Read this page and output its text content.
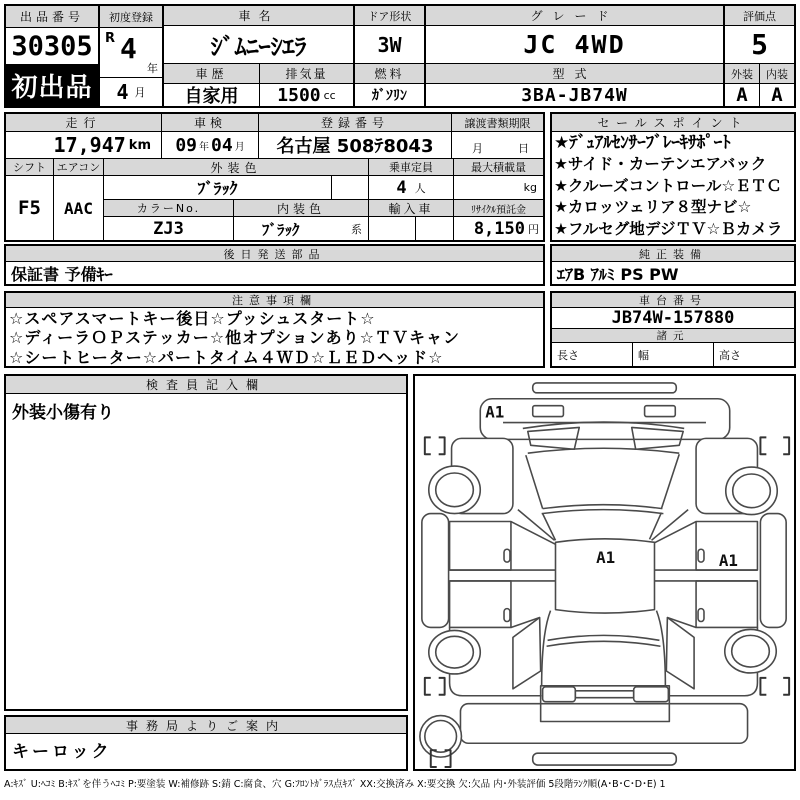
出品番号
30305
初出品
初度登録
R 4
年
4 月
車名
ｼﾞﾑﾆｰｼｴﾗ
車歴	排気量
自家用	1500 cc
ドア形状
3W
燃料
ｶﾞｿﾘﾝ
グレード
JC 4WD
型式
3BA-JB74W
評価点
5
外装	内装
A	A
走行	車検	登録番号	譲渡書類期限
17,947 km 09 年 04 月	名古屋 508ﾃ8043	月	日
シフト エアコン	外装色	乗車定員	最大積載量
F5	AAC
ﾌﾞﾗｯｸ	4 人	kg
カラーNo.	内装色	輸入車	ﾘｻｲｸﾙ預託金
ZJ3	ﾌﾞﾗｯｸ	系	8,150 円
セールスポイント
★ﾃﾞｭｱﾙｾﾝｻｰﾌﾞﾚｰｷｻﾎﾟｰﾄ
★サイド・カーテンエアバック
★クルーズコントロール☆ＥＴＣ
★カロッツェリア８型ナビ☆
★フルセグ地デジＴＶ☆Ｂカメラ
後日発送部品
保証書 予備ｷｰ
純正装備
ｴｱB ｱﾙﾐ PS PW
注意事項欄
☆スペアスマートキー後日☆プッシュスタート☆
☆ディーラＯＰステッカー☆他オプションあり☆ＴＶキャン
☆シートヒーター☆パートタイム４ＷＤ☆ＬＥＤヘッド☆
車台番号
JB74W-157880
諸元
長さ	幅	高さ
検査員記入欄
外装小傷有り	A1
A1	A1
事務局よりご案内
キーロック
A:ｷｽﾞ U:ﾍｺﾐ B:ｷｽﾞを伴うﾍｺﾐ P:要塗装 W:補修跡 S:錆 C:腐食、穴 G:ﾌﾛﾝﾄｶﾞﾗｽ点ｷｽﾞ XX:交換済み X:要交換 欠:欠品 内･外装評価 5段階ﾗﾝｸ順(A･B･C･D･E) 1
